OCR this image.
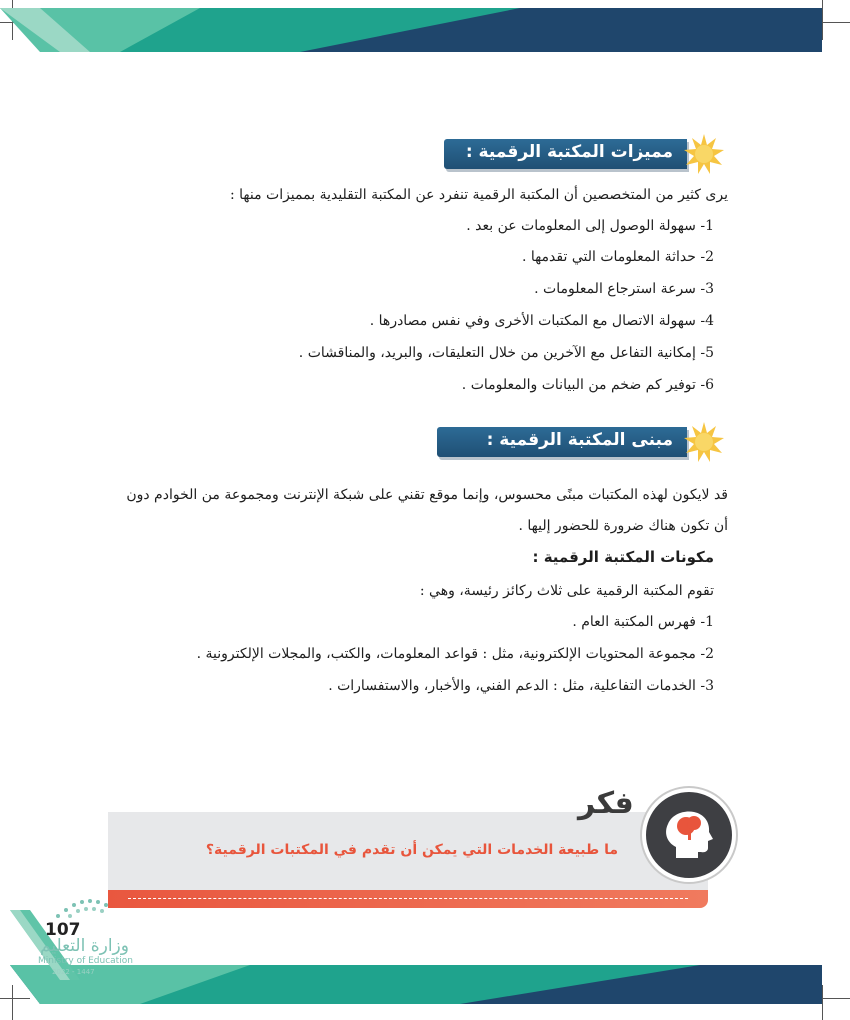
مميزات المكتبة الرقمية :
يرى كثير من المتخصصين أن المكتبة الرقمية تنفرد عن المكتبة التقليدية بمميزات منها :
1- سهولة الوصول إلى المعلومات عن بعد .
2- حداثة المعلومات التي تقدمها .
3- سرعة استرجاع المعلومات .
4- سهولة الاتصال مع المكتبات الأخرى وفي نفس مصادرها .
5- إمكانية التفاعل مع الآخرين من خلال التعليقات، والبريد، والمناقشات .
6- توفير كم ضخم من البيانات والمعلومات .
مبنى المكتبة الرقمية :
قد لايكون لهذه المكتبات مبنًى محسوس، وإنما موقع تقني على شبكة الإنترنت ومجموعة من الخوادم دون
أن تكون هناك ضرورة للحضور إليها .
مكونات المكتبة الرقمية :
تقوم المكتبة الرقمية على ثلاث ركائز رئيسة، وهي :
1- فهرس المكتبة العام .
2- مجموعة المحتويات الإلكترونية، مثل : قواعد المعلومات، والكتب، والمجلات الإلكترونية .
3- الخدمات التفاعلية، مثل : الدعم الفني، والأخبار، والاستفسارات .
ما طبيعة الخدمات التي يمكن أن تقدم في المكتبات الرقمية؟
فكر
107
وزارة التعليم
Ministry of Education
2022 - 1447
